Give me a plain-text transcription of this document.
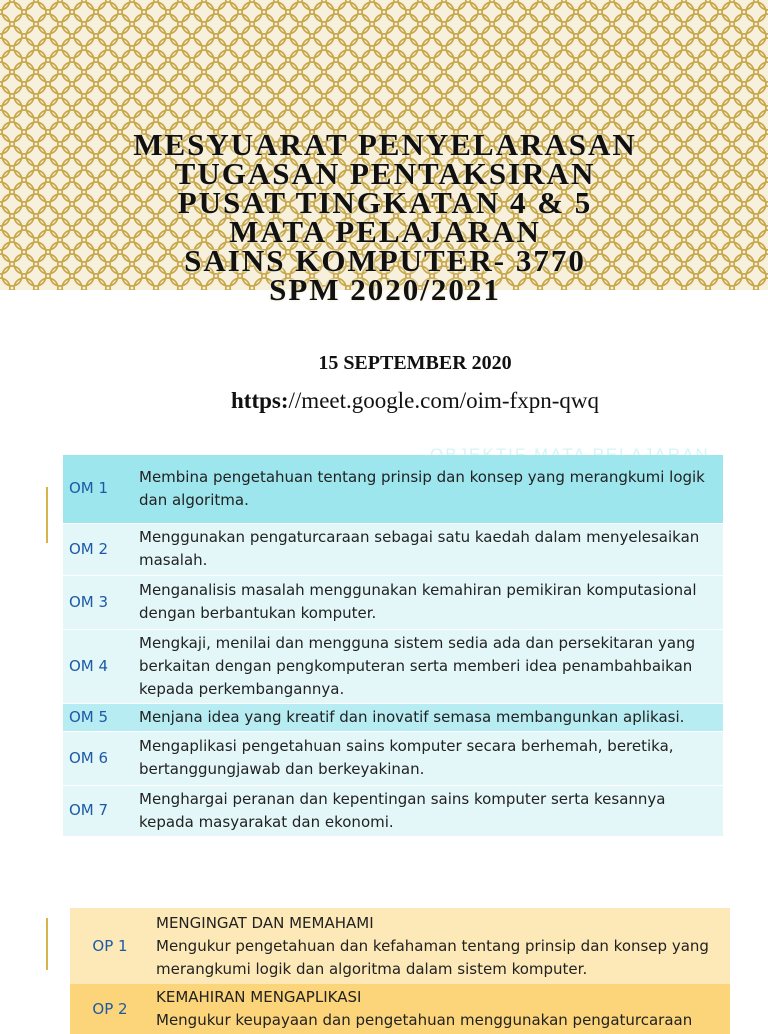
MESYUARAT PENYELARASAN
TUGASAN PENTAKSIRAN
PUSAT TINGKATAN 4 & 5
MATA PELAJARAN
SAINS KOMPUTER- 3770
SPM 2020/2021
15 SEPTEMBER 2020
https://meet.google.com/oim-fxpn-qwq
OBJEKTIF MATA PELAJARAN
OM 1	Membina pengetahuan tentang prinsip dan konsep yang merangkumi logik dan algoritma.
OM 2	Menggunakan pengaturcaraan sebagai satu kaedah dalam menyelesaikan masalah.
OM 3	Menganalisis masalah menggunakan kemahiran pemikiran komputasional dengan berbantukan komputer.
OM 4	Mengkaji, menilai dan mengguna sistem sedia ada dan persekitaran yang berkaitan dengan pengkomputeran serta memberi idea penambahbaikan kepada perkembangannya.
OM 5	Menjana idea yang kreatif dan inovatif semasa membangunkan aplikasi.
OM 6	Mengaplikasi pengetahuan sains komputer secara berhemah, beretika, bertanggungjawab dan berkeyakinan.
OM 7	Menghargai peranan dan kepentingan sains komputer serta kesannya kepada masyarakat dan ekonomi.
OP 1	MENGINGAT DAN MEMAHAMI
Mengukur pengetahuan dan kefahaman tentang prinsip dan konsep yang merangkumi logik dan algoritma dalam sistem komputer.

OP 2	KEMAHIRAN MENGAPLIKASI
Mengukur keupayaan dan pengetahuan menggunakan pengaturcaraan
